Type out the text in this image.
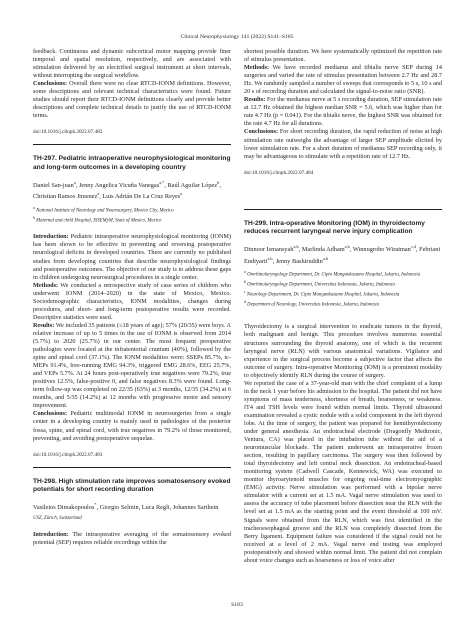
Clinical Neurophysiology 141 (2022) S141–S185

feedback. Continuous and dynamic subcortical motor mapping provide finer temporal and spatial resolution, respectively, and are associated with stimulation delivered by an electrified surgical instrument at short intervals, without interrupting the surgical workflow.

Conclusions: Overall there were no clear RTCD-IONM definitions. However, some descriptions and relevant technical characteristics were found. Future studies should report their RTCD-IONM definitions clearly and provide better descriptions and complete technical details to justify the use of RTCD-IONM terms.

doi:10.1016/j.clinph.2022.07.482

TH-297. Pediatric intraoperative neurophysiological monitoring and long-term outcomes in a developing country
Daniel San-juan$^a$, Jenny Angelica Vicuña Vanegas$^{a,*}$, Raúl Aguilar López$^b$, Christian Ramos Jimenez$^a$, Luis Adrián De La Cruz Reyes$^a$
$^a$ National Institute of Neurology and Neurosurgery, Mexico City, Mexico
$^b$ Maternal and child Hospital, ISSEMyM, State of Mexico, Mexico

Introduction: Pediatric intraoperative neurophysiological monitoring (IONM) has been shown to be effective in preventing and reversing postoperative neurological deficits in developed countries. There are currently no published studies from developing countries that describe neurophysiological findings and postoperative outcomes. The objective of our study is to address these gaps in children undergoing neurosurgical procedures in a single center.

Methods: We conducted a retrospective study of case series of children who underwent IONM (2014–2020) in the state of Mexico, Mexico. Sociodemographic characteristics, IONM modalities, changes during procedures, and short- and long-term postoperative results were recorded. Descriptive statistics were used.

Results: We included 35 patients (≤18 years of age); 57% (20/35) were boys. A relative increase of up to 5 times in the use of IONM is observed from 2014 (5.7%) to 2020 (25.7%) in our center. The most frequent preoperative pathologies were located at the infratentorial cranium (40%), followed by the spine and spinal cord (37.1%). The IONM modalities were: SSEPs 85.7%, tc-MEPs 91.4%, free-running EMG 94.3%, triggered EMG 28.6%, EEG 25.7%, and VEPs 5.7%. At 24 hours post-operatively true negatives were 79.2%, true positives 12.5%, false-positive 0, and false negatives 8.3% were found. Long-term follow-up was completed on 22/35 (63%) at 3 months, 12/35 (34.2%) at 6 months, and 5/35 (14.2%) at 12 months with progressive motor and sensory improvement.

Conclusions: Pediatric multimodal IONM in neurosurgeries from a single center in a developing country is mainly used in pathologies of the posterior fossa, spine, and spinal cord, with true negatives in 79.2% of those monitored, preventing, and avoiding postoperative sequelae.

doi:10.1016/j.clinph.2022.07.483

TH-298. High stimulation rate improves somatosensory evoked potentials for short recording duration
Vasileios Dimakopoulos*, Giorgio Selmin, Luca Regli, Johannes Sarthein
USZ, Zürich, Switzerland

Introduction: The intraoperative averaging of the somatosensory evoked potential (SEP) requires reliable recordings within the

shortest possible duration. We here systematically optimized the repetition rate of stimulus presentation.

Methods: We have recorded medianus and tibialis nerve SEP during 14 surgeries and varied the rate of stimulus presentation between 2.7 Hz and 28.7 Hz. We randomly sampled a number of sweeps that corresponds to 5 s, 10 s and 20 s of recording duration and calculated the signal-to-noise ratio (SNR).

Results: For the medianus nerve at 5 s recording duration, SEP stimulation rate at 12.7 Hz obtained the highest median SNR = 5.6, which was higher than for rate 4.7 Hz (p = 0.041). For the tibialis nerve, the highest SNR was obtained for the rate 4.7 Hz for all durations.

Conclusions: For short recording duration, the rapid reduction of noise at high stimulation rate outweighs the advantage of larger SEP amplitude elicited by lower stimulation rate. For a short duration of medianus SEP recording only, it may be advantageous to stimulate with a repetition rate of 12.7 Hz.

doi:10.1016/j.clinph.2022.07.484

TH-299. Intra-operative Monitoring (IOM) in thyroidectomy reduces recurrent laryngeal nerve injury complication
Dinnoor Ismansyah$^{a,b}$, Marlinda Adham$^{a,b}$, Winnugroho Wiratman$^{c,d}$, Febriani Endiyarti$^{a,b}$, Jenny Bashiruddin$^{a,b}$
$^a$ Otorhinolaryngology Department, Dr. Cipto Mangunkusumo Hospital, Jakarta, Indonesia
$^b$ Otorhinolaryngology Department, Universitas Indonesia, Jakarta, Indonesia
$^c$ Neurology Department, Dr. Cipto Mangunkusumo Hospital, Jakarta, Indonesia
$^d$ Department of Neurology, Universitas Indonesia, Jakarta, Indonesia

Thyroidectomy is a surgical intervention to eradicate tumors in the thyroid, both malignant and benign. This procedure involves numerous essential structures surrounding the thyroid anatomy, one of which is the recurrent laryngeal nerve (RLN) with various anatomical variations. Vigilance and experience in the surgical process become a subjective factor that affects the outcome of surgery. Intra-operative Monitoring (IOM) is a prominent modality to objectively identify RLN during the course of surgery.

We reported the case of a 37-year-old man with the chief complaint of a lump in the neck 1 year before his admission to the hospital. The patient did not have symptoms of mass tenderness, shortness of breath, hoarseness, or weakness. fT4 and TSH levels were found within normal limits. Thyroid ultrasound examination revealed a cystic nodule with a solid component in the left thyroid lobe. At the time of surgery, the patient was prepared for hemithyroidectomy under general anesthesia. An endotracheal electrode (Dragonfly Medtronic, Ventura, CA) was placed in the intubation tube without the aid of a neuromuscular blockade. The patient underwent an intraoperative frozen section, resulting in papillary carcinoma. The surgery was then followed by total thyroidectomy and left central neck dissection. An endotracheal-based monitoring system (Cadwell Cascade, Kennewick, WA) was executed to monitor thyroarytenoid muscles for ongoing real-time electromyographic (EMG) activity. Nerve stimulation was performed with a bipolar nerve stimulator with a current set at 1.5 mA. Vagal nerve stimulation was used to assess the accuracy of tube placement before dissection near the RLN with the level set at 1.5 mA as the starting point and the event threshold at 100 mV. Signals were obtained from the RLN, which was first identified in the tracheoesophageal groove and the RLN was completely dissected from the Berry ligament. Equipment failure was considered if the signal could not be received at a level of 2 mA. Vagal nerve end testing was employed postoperatively and showed within normal limit. The patient did not complain about voice changes such as hoarseness or loss of voice after

S183
